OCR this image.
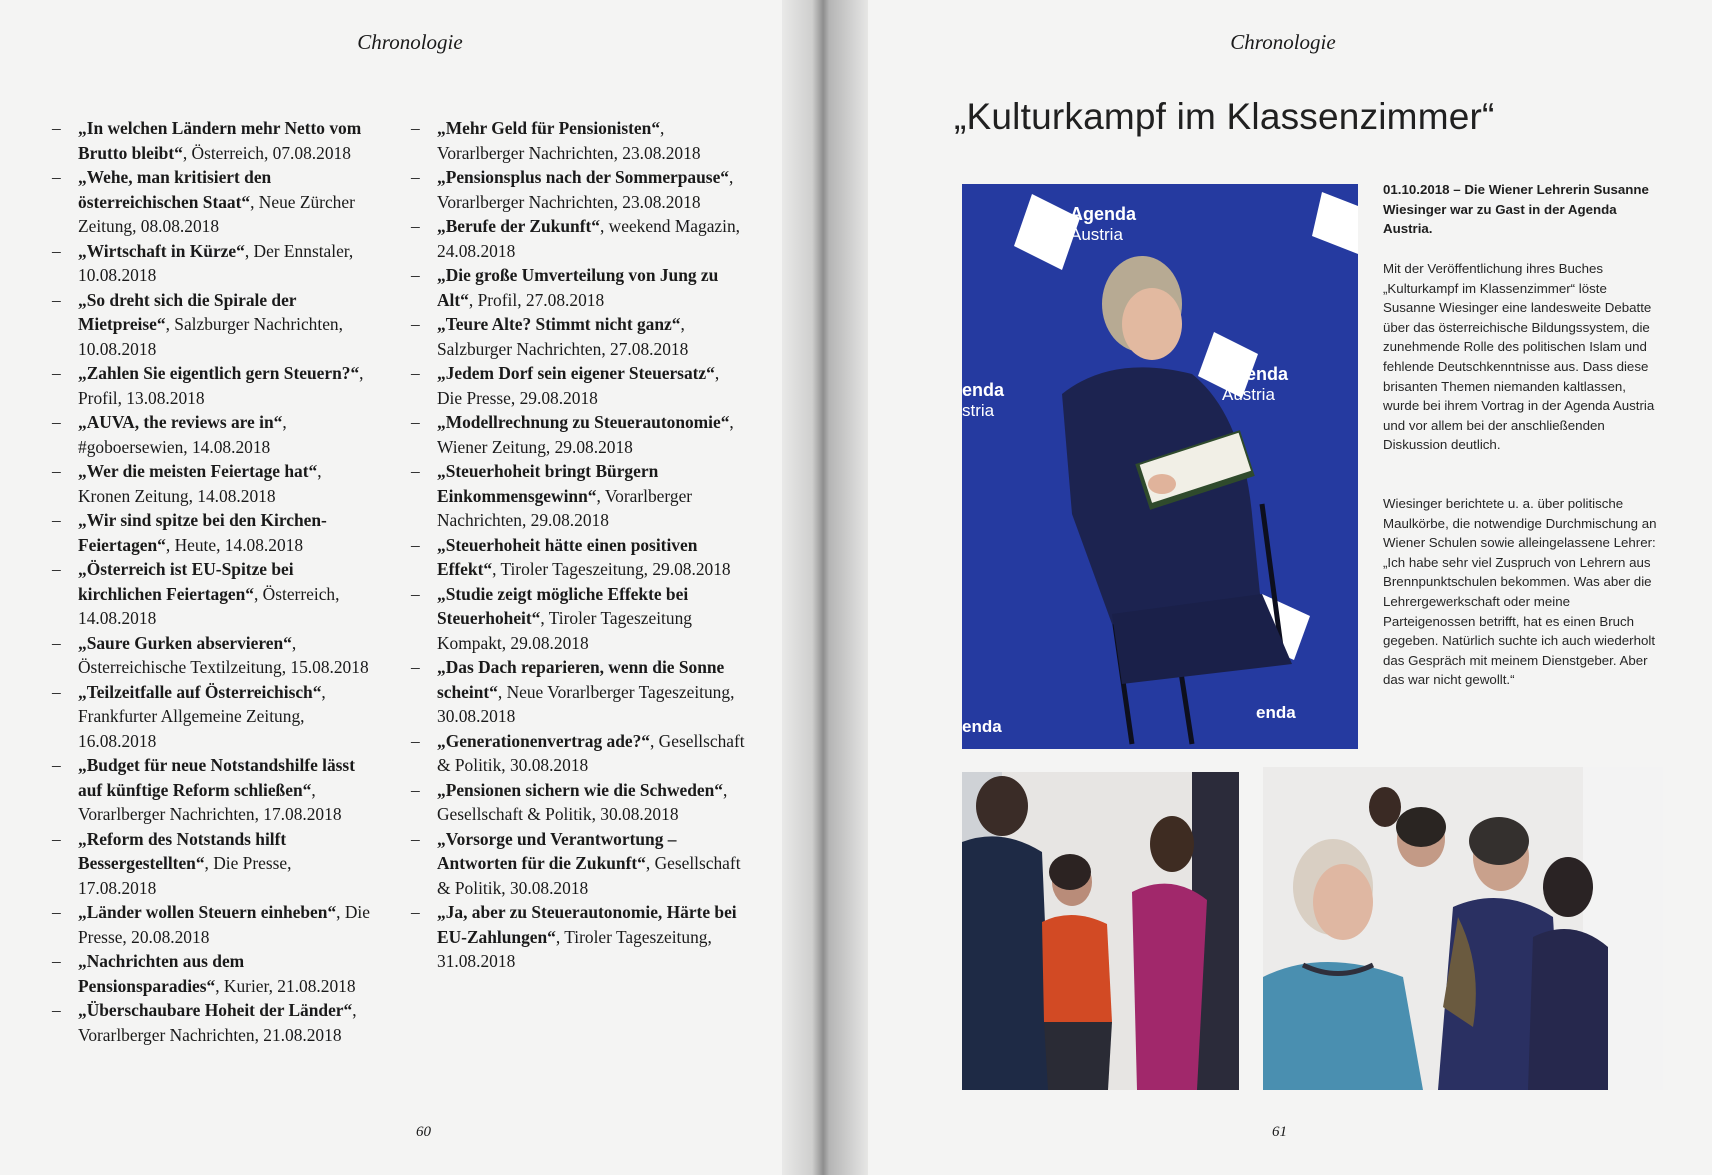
Chronologie
– „In welchen Ländern mehr Netto vom Brutto bleibt“, Österreich, 07.08.2018
– „Wehe, man kritisiert den österreichischen Staat“, Neue Zürcher Zeitung, 08.08.2018
– „Wirtschaft in Kürze“, Der Ennstaler, 10.08.2018
– „So dreht sich die Spirale der Mietpreise“, Salzburger Nachrichten, 10.08.2018
– „Zahlen Sie eigentlich gern Steuern?“, Profil, 13.08.2018
– „AUVA, the reviews are in“, #goboersewien, 14.08.2018
– „Wer die meisten Feiertage hat“, Kronen Zeitung, 14.08.2018
– „Wir sind spitze bei den Kirchen-Feiertagen“, Heute, 14.08.2018
– „Österreich ist EU-Spitze bei kirchlichen Feiertagen“, Österreich, 14.08.2018
– „Saure Gurken abservieren“, Österreichische Textilzeitung, 15.08.2018
– „Teilzeitfalle auf Österreichisch“, Frankfurter Allgemeine Zeitung, 16.08.2018
– „Budget für neue Notstandshilfe lässt auf künftige Reform schließen“, Vorarlberger Nachrichten, 17.08.2018
– „Reform des Notstands hilft Bessergestellten“, Die Presse, 17.08.2018
– „Länder wollen Steuern einheben“, Die Presse, 20.08.2018
– „Nachrichten aus dem Pensionsparadies“, Kurier, 21.08.2018
– „Überschaubare Hoheit der Länder“, Vorarlberger Nachrichten, 21.08.2018
– „Mehr Geld für Pensionisten“, Vorarlberger Nachrichten, 23.08.2018
– „Pensionsplus nach der Sommerpause“, Vorarlberger Nachrichten, 23.08.2018
– „Berufe der Zukunft“, weekend Magazin, 24.08.2018
– „Die große Umverteilung von Jung zu Alt“, Profil, 27.08.2018
– „Teure Alte? Stimmt nicht ganz“, Salzburger Nachrichten, 27.08.2018
– „Jedem Dorf sein eigener Steuersatz“, Die Presse, 29.08.2018
– „Modellrechnung zu Steuerautonomie“, Wiener Zeitung, 29.08.2018
– „Steuerhoheit bringt Bürgern Einkommensgewinn“, Vorarlberger Nachrichten, 29.08.2018
– „Steuerhoheit hätte einen positiven Effekt“, Tiroler Tageszeitung, 29.08.2018
– „Studie zeigt mögliche Effekte bei Steuerhoheit“, Tiroler Tageszeitung Kompakt, 29.08.2018
– „Das Dach reparieren, wenn die Sonne scheint“, Neue Vorarlberger Tageszeitung, 30.08.2018
– „Generationenvertrag ade?“, Gesellschaft & Politik, 30.08.2018
– „Pensionen sichern wie die Schweden“, Gesellschaft & Politik, 30.08.2018
– „Vorsorge und Verantwortung – Antworten für die Zukunft“, Gesellschaft & Politik, 30.08.2018
– „Ja, aber zu Steuerautonomie, Härte bei EU-Zahlungen“, Tiroler Tageszeitung, 31.08.2018
60
Chronologie
„Kulturkampf im Klassenzimmer“
Agenda
Austria
Agenda
Austria
enda
stria
enda
enda

01.10.2018 – Die Wiener Lehrerin Susanne Wiesinger war zu Gast in der Agenda Austria.

Mit der Veröffentlichung ihres Buches „Kulturkampf im Klassenzimmer“ löste Susanne Wiesinger eine landesweite Debatte über das österreichische Bildungssystem, die zunehmende Rolle des politischen Islam und fehlende Deutschkenntnisse aus. Dass diese brisanten Themen niemanden kaltlassen, wurde bei ihrem Vortrag in der Agenda Austria und vor allem bei der anschließenden Diskussion deutlich.

Wiesinger berichtete u. a. über politische Maulkörbe, die notwendige Durchmischung an Wiener Schulen sowie alleingelassene Lehrer: „Ich habe sehr viel Zuspruch von Lehrern aus Brennpunktschulen bekommen. Was aber die Lehrergewerkschaft oder meine Parteigenossen betrifft, hat es einen Bruch gegeben. Natürlich suchte ich auch wiederholt das Gespräch mit meinem Dienstgeber. Aber das war nicht gewollt.“

61
